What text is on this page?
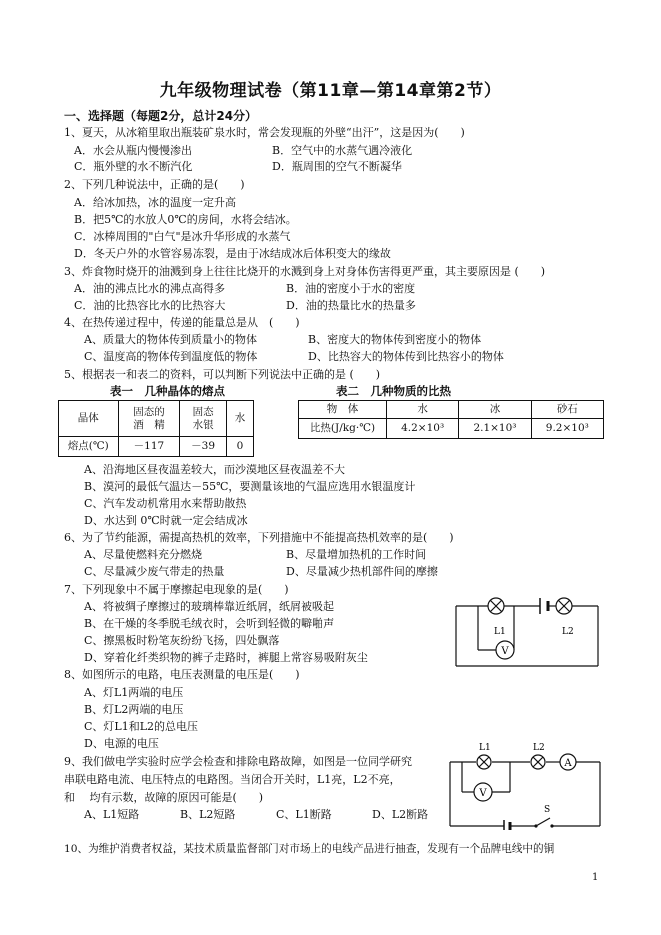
九年级物理试卷（第11章—第14章第2节）
一、选择题（每题2分，总计24分）
1、夏天，从冰箱里取出瓶装矿泉水时，常会发现瓶的外壁“出汗”，这是因为(　　)
A．水会从瓶内慢慢渗出	B．空气中的水蒸气遇冷液化
C．瓶外壁的水不断汽化	D．瓶周围的空气不断凝华
2、下列几种说法中，正确的是(　　)
A．给冰加热，冰的温度一定升高
B．把5℃的水放人0℃的房间，水将会结冰。
C．冰棒周围的"白气"是冰升华形成的水蒸气
D．冬天户外的水管容易冻裂，是由于冰结成冰后体积变大的缘故
3、炸食物时烧开的油溅到身上往往比烧开的水溅到身上对身体伤害得更严重，其主要原因是 (　　)
A．油的沸点比水的沸点高得多	B．油的密度小于水的密度
C．油的比热容比水的比热容大	D．油的热量比水的热量多
4、在热传递过程中，传递的能量总是从　(　　)
A、质量大的物体传到质量小的物体	B、密度大的物体传到密度小的物体
C、温度高的物体传到温度低的物体	D、比热容大的物体传到比热容小的物体
5、根据表一和表二的资料，可以判断下列说法中正确的是 (　　)
表一　几种晶体的熔点	表二　几种物质的比热
晶体	固态的
酒　精	固态
水银	水
熔点(℃)	－117	－39	0
物　体	水	冰	砂石
比热(J/kg·℃)	4.2×10³	2.1×10³	9.2×10³
A、沿海地区昼夜温差较大，而沙漠地区昼夜温差不大
B、漠河的最低气温达－55℃，要测量该地的气温应选用水银温度计
C、汽车发动机常用水来帮助散热
D、水达到 0℃时就一定会结成冰
6、为了节约能源，需提高热机的效率，下列措施中不能提高热机效率的是(　　)
A、尽量使燃料充分燃烧	B、尽量增加热机的工作时间
C、尽量减少废气带走的热量	D、尽量减少热机部件间的摩擦
7、下列现象中不属于摩擦起电现象的是(　　)
A、将被绸子摩擦过的玻璃棒靠近纸屑，纸屑被吸起
B、在干燥的冬季脱毛绒衣时，会听到轻微的噼啪声
C、擦黑板时粉笔灰纷纷飞扬，四处飘落
D、穿着化纤类织物的裤子走路时，裤腿上常容易吸附灰尘
L1	L2
V
8、如图所示的电路，电压表测量的电压是(　　)
A、灯L1两端的电压
B、灯L2两端的电压
C、灯L1和L2的总电压
D、电源的电压	L1	L2
A
V
S
9、我们做电学实验时应学会检查和排除电路故障，如图是一位同学研究
串联电路电流、电压特点的电路图。当闭合开关时，L1亮，L2不亮，
和　 均有示数，故障的原因可能是(　　)
A、L1短路	B、L2短路	C、L1断路	D、L2断路
10、为维护消费者权益，某技术质量监督部门对市场上的电线产品进行抽查，发现有一个品牌电线中的铜
1
